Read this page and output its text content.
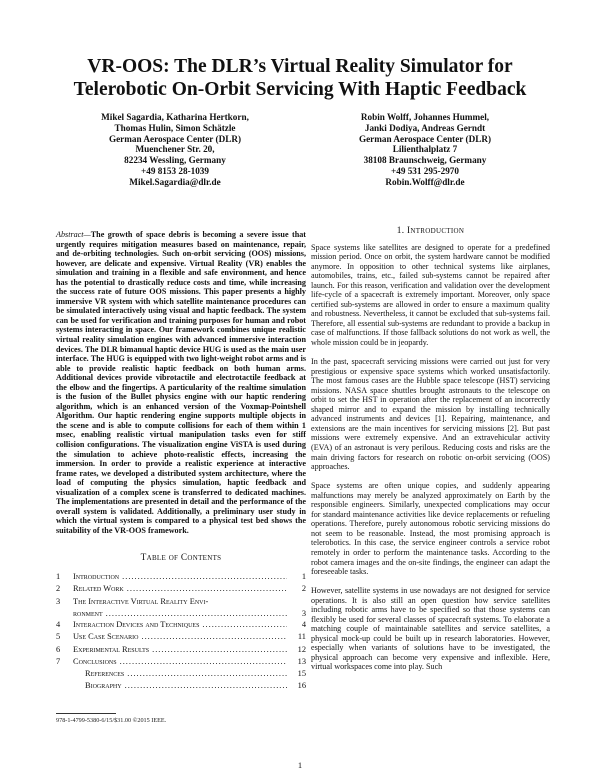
VR-OOS: The DLR’s Virtual Reality Simulator for
Telerobotic On-Orbit Servicing With Haptic Feedback
Mikel Sagardia, Katharina Hertkorn,
Thomas Hulin, Simon Schätzle
German Aerospace Center (DLR)
Muenchener Str. 20,
82234 Wessling, Germany
+49 8153 28-1039
Mikel.Sagardia@dlr.de
Robin Wolff, Johannes Hummel,
Janki Dodiya, Andreas Gerndt
German Aerospace Center (DLR)
Lilienthalplatz 7
38108 Braunschweig, Germany
+49 531 295-2970
Robin.Wolff@dlr.de
Abstract—The growth of space debris is becoming a severe issue that urgently requires mitigation measures based on maintenance, repair, and de-orbiting technologies. Such on-orbit servicing (OOS) missions, however, are delicate and expensive. Virtual Reality (VR) enables the simulation and training in a flexible and safe environment, and hence has the potential to drastically reduce costs and time, while increasing the success rate of future OOS missions. This paper presents a highly immersive VR system with which satellite maintenance procedures can be simulated interactively using visual and haptic feedback. The system can be used for verification and training purposes for human and robot systems interacting in space. Our framework combines unique realistic virtual reality simulation engines with advanced immersive interaction devices. The DLR bimanual haptic device HUG is used as the main user interface. The HUG is equipped with two light-weight robot arms and is able to provide realistic haptic feedback on both human arms. Additional devices provide vibrotactile and electrotactile feedback at the elbow and the fingertips. A particularity of the realtime simulation is the fusion of the Bullet physics engine with our haptic rendering algorithm, which is an enhanced version of the Voxmap-Pointshell Algorithm. Our haptic rendering engine supports multiple objects in the scene and is able to compute collisions for each of them within 1 msec, enabling realistic virtual manipulation tasks even for stiff collision configurations. The visualization engine ViSTA is used during the simulation to achieve photo-realistic effects, increasing the immersion. In order to provide a realistic experience at interactive frame rates, we developed a distributed system architecture, where the load of computing the physics simulation, haptic feedback and visualization of a complex scene is transferred to dedicated machines. The implementations are presented in detail and the performance of the overall system is validated. Additionally, a preliminary user study in which the virtual system is compared to a physical test bed shows the suitability of the VR-OOS framework.
Table of Contents
1	Introduction .....	1
2	Related Work .....	2
3	The Interactive Virtual Reality Envi-
ronment .....	3
4	Interaction Devices and Techniques .....	4
5	Use Case Scenario .....	11
6	Experimental Results .....	12
7	Conclusions .....	13
References .....	15
Biography .....	16
1. Introduction

Space systems like satellites are designed to operate for a predefined mission period. Once on orbit, the system hardware cannot be modified anymore. In opposition to other technical systems like airplanes, automobiles, trains, etc., failed sub-systems cannot be repaired after launch. For this reason, verification and validation over the development life-cycle of a spacecraft is extremely important. Moreover, only space certified sub-systems are allowed in order to ensure a maximum quality and robustness. Nevertheless, it cannot be excluded that sub-systems fail. Therefore, all essential sub-systems are redundant to provide a backup in case of malfunctions. If those fallback solutions do not work as well, the whole mission could be in jeopardy.

In the past, spacecraft servicing missions were carried out just for very prestigious or expensive space systems which worked unsatisfactorily. The most famous cases are the Hubble space telescope (HST) servicing missions. NASA space shuttles brought astronauts to the telescope on orbit to set the HST in operation after the replacement of an incorrectly shaped mirror and to expand the mission by installing technically advanced instruments and devices [1]. Repairing, maintenance, and extensions are the main incentives for servicing missions [2]. But past missions were extremely expensive. And an extravehicular activity (EVA) of an astronaut is very perilous. Reducing costs and risks are the main driving factors for research on robotic on-orbit servicing (OOS) approaches.

Space systems are often unique copies, and suddenly appearing malfunctions may merely be analyzed approximately on Earth by the responsible engineers. Similarly, unexpected complications may occur for standard maintenance activities like device replacements or refueling operations. Therefore, purely autonomous robotic servicing missions do not seem to be reasonable. Instead, the most promising approach is telerobotics. In this case, the service engineer controls a service robot remotely in order to perform the maintenance tasks. According to the robot camera images and the on-site findings, the engineer can adapt the foreseeable tasks.

However, satellite systems in use nowadays are not designed for service operations. It is also still an open question how service satellites including robotic arms have to be specified so that those systems can flexibly be used for several classes of spacecraft systems. To elaborate a matching couple of maintainable satellites and service satellites, a physical mock-up could be built up in research laboratories. However, especially when variants of solutions have to be investigated, the physical approach can become very expensive and inflexible. Here, virtual workspaces come into play. Such

978-1-4799-5380-6/15/$31.00 ©2015 IEEE.
1
